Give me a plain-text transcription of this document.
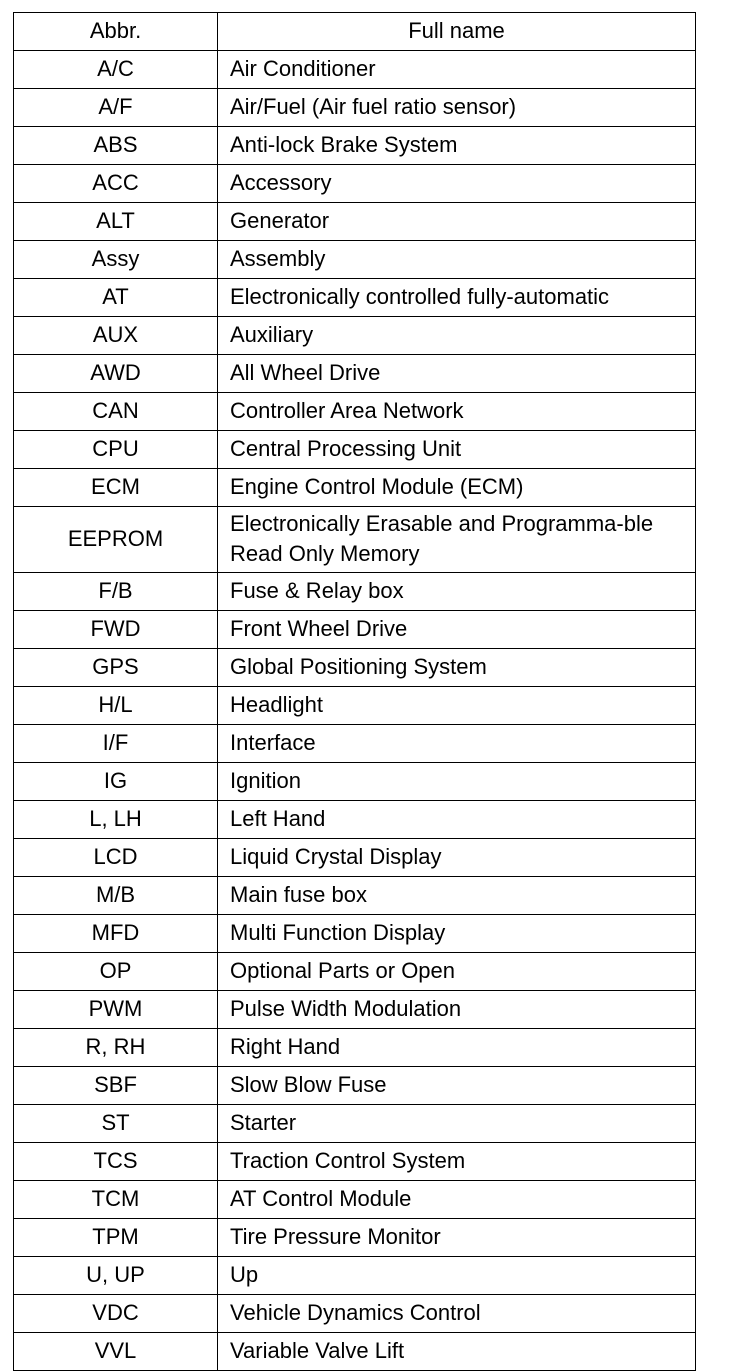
Abbr.	Full name
A/C	Air Conditioner
A/F	Air/Fuel (Air fuel ratio sensor)
ABS	Anti-lock Brake System
ACC	Accessory
ALT	Generator
Assy	Assembly
AT	Electronically controlled fully-automatic
AUX	Auxiliary
AWD	All Wheel Drive
CAN	Controller Area Network
CPU	Central Processing Unit
ECM	Engine Control Module (ECM)
EEPROM	Electronically Erasable and Programma-ble Read Only Memory
F/B	Fuse & Relay box
FWD	Front Wheel Drive
GPS	Global Positioning System
H/L	Headlight
I/F	Interface
IG	Ignition
L, LH	Left Hand
LCD	Liquid Crystal Display
M/B	Main fuse box
MFD	Multi Function Display
OP	Optional Parts or Open
PWM	Pulse Width Modulation
R, RH	Right Hand
SBF	Slow Blow Fuse
ST	Starter
TCS	Traction Control System
TCM	AT Control Module
TPM	Tire Pressure Monitor
U, UP	Up
VDC	Vehicle Dynamics Control
VVL	Variable Valve Lift
